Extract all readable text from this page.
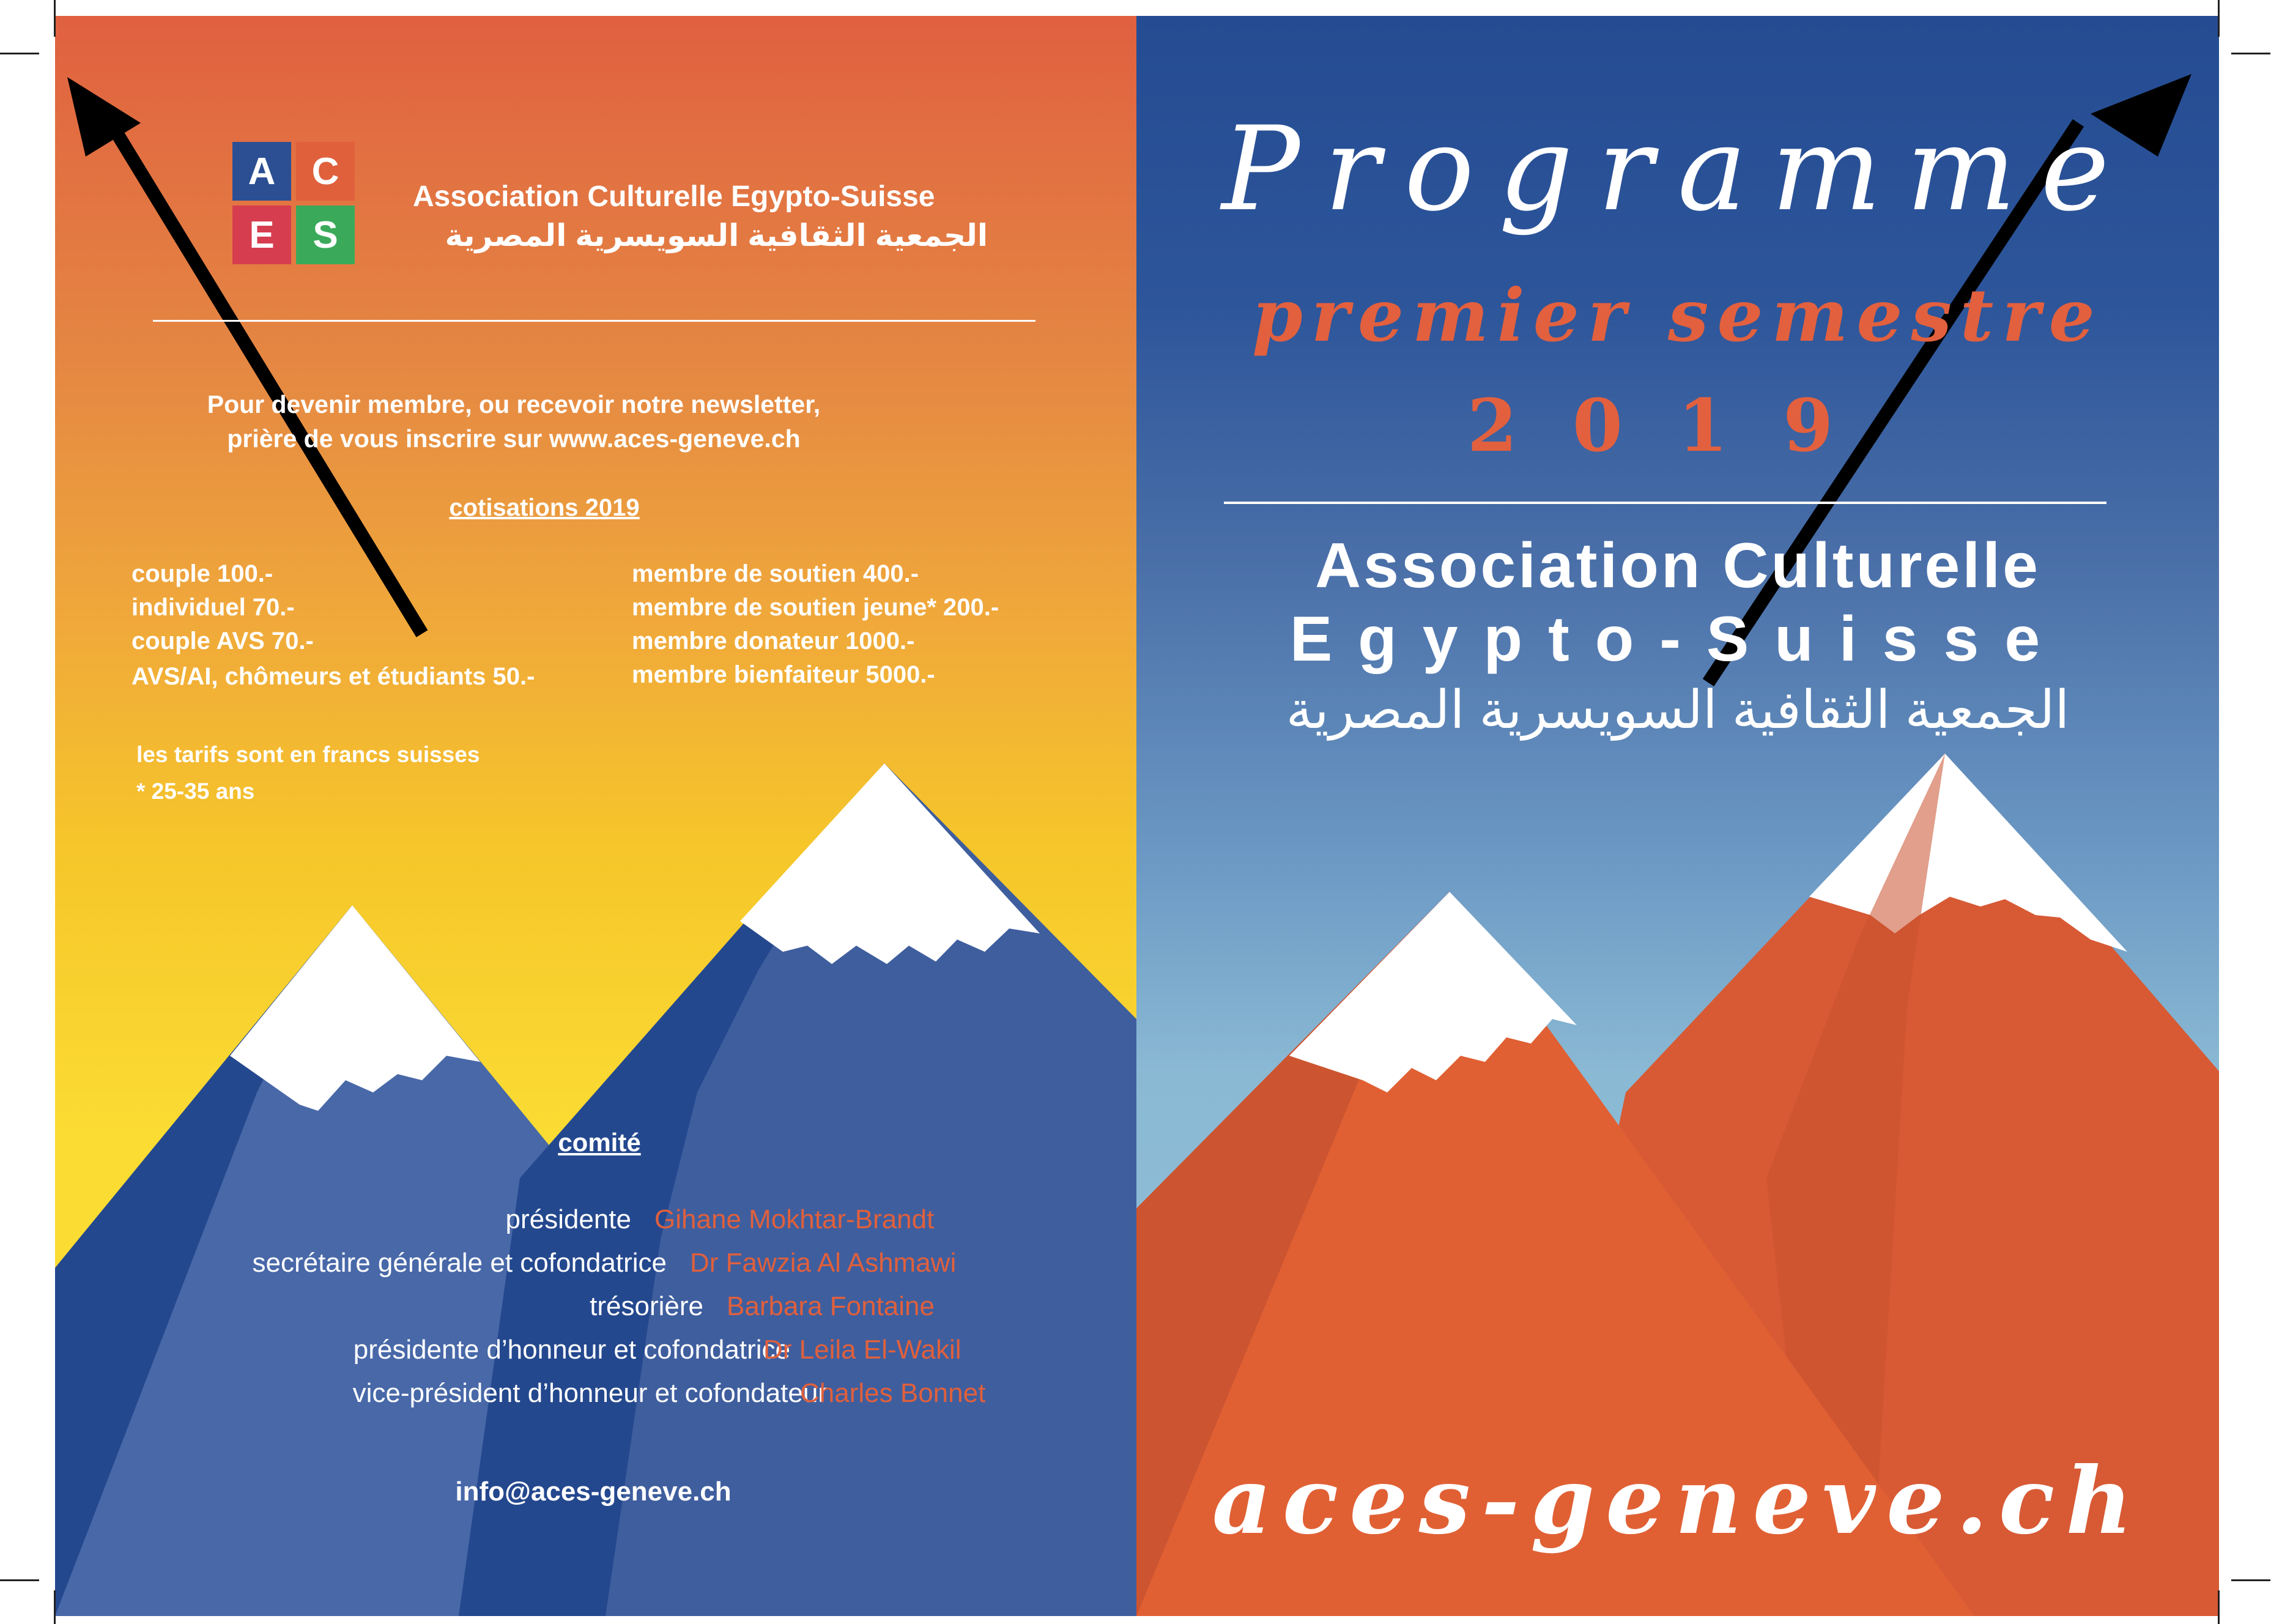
A C
E S
Association Culturelle Egypto-Suisse
الجمعية الثقافية السويسرية المصرية
Pour devenir membre, ou recevoir notre newsletter,
prière de vous inscrire sur www.aces-geneve.ch
cotisations 2019
couple 100.-
individuel 70.-
couple AVS 70.-
AVS/AI, chômeurs et étudiants 50.-
membre de soutien 400.-
membre de soutien jeune* 200.-
membre donateur 1000.-
membre bienfaiteur 5000.-
les tarifs sont en francs suisses
* 25-35 ans
comité
présidente Gihane Mokhtar-Brandt
secrétaire générale et cofondatrice Dr Fawzia Al Ashmawi
trésorière Barbara Fontaine
présidente d’honneur et cofondatrice
Dr Leila El-Wakil
vice-président d’honneur et cofondateur
Charles Bonnet
info@aces-geneve.ch
Programme
premier semestre
2019
Association Culturelle
Egypto-Suisse
الجمعية الثقافية السويسرية المصرية
aces-geneve.ch
